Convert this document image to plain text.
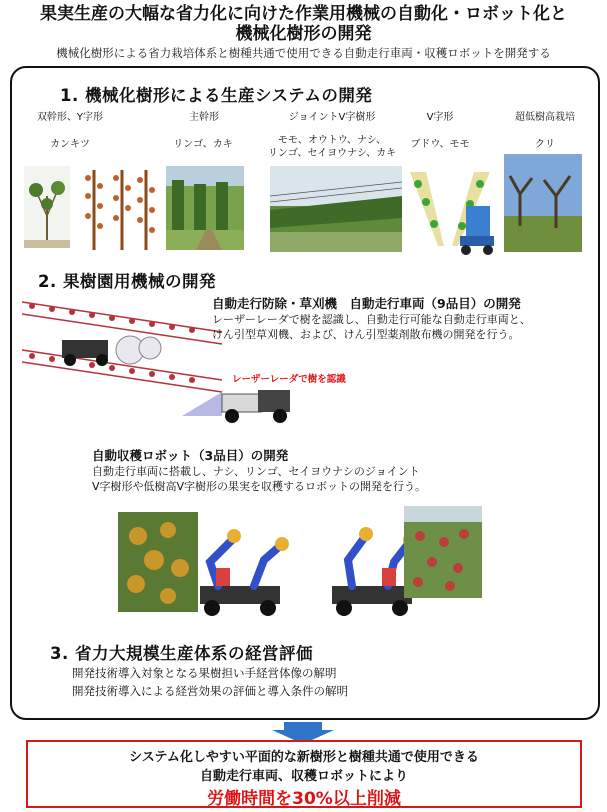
果実生産の大幅な省力化に向けた作業用機械の自動化・ロボット化と
機械化樹形の開発
機械化樹形による省力栽培体系と樹種共通で使用できる自動走行車両・収穫ロボットを開発する
1. 機械化樹形による生産システムの開発
双幹形、Y字形
カンキツ
主幹形
リンゴ、カキ
ジョイントV字樹形
モモ、オウトウ、ナシ、
リンゴ、セイヨウナシ、カキ
V字形
ブドウ、モモ
超低樹高栽培
クリ
2. 果樹園用機械の開発
レーザーレーダで樹を認識
自動走行防除・草刈機　自動走行車両（9品目）の開発
レーザーレーダで樹を認識し、自動走行可能な自動走行車両と、
けん引型草刈機、および、けん引型薬剤散布機の開発を行う。
自動収穫ロボット（3品目）の開発
自動走行車両に搭載し、ナシ、リンゴ、セイヨウナシのジョイント
V字樹形や低樹高V字樹形の果実を収穫するロボットの開発を行う。
3. 省力大規模生産体系の経営評価
開発技術導入対象となる果樹担い手経営体像の解明
開発技術導入による経営効果の評価と導入条件の解明
システム化しやすい平面的な新樹形と樹種共通で使用できる
自動走行車両、収穫ロボットにより
労働時間を30%以上削減
